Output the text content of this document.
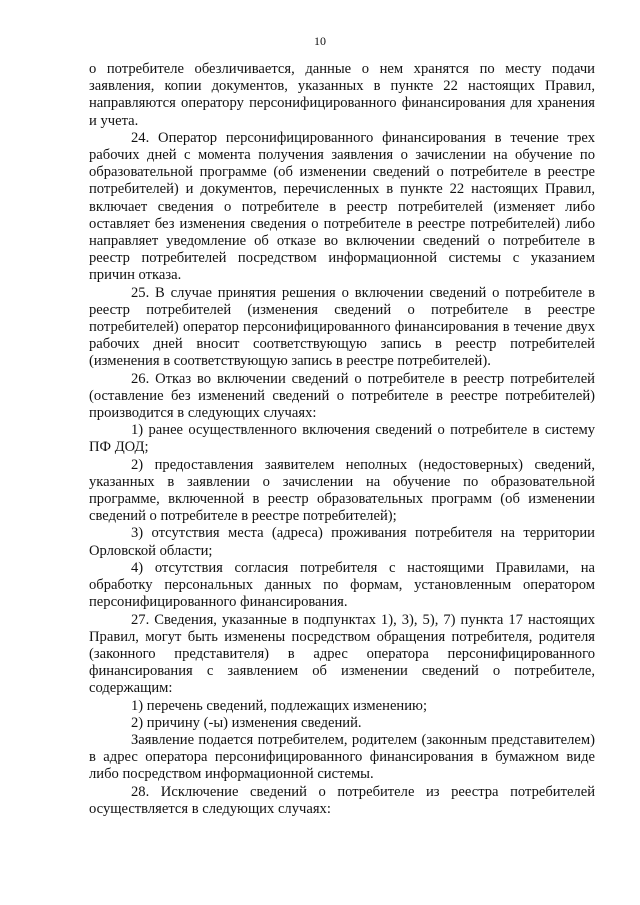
10

о потребителе обезличивается, данные о нем хранятся по месту подачи заявления, копии документов, указанных в пункте 22 настоящих Правил, направляются оператору персонифицированного финансирования для хранения и учета.

24. Оператор персонифицированного финансирования в течение трех рабочих дней с момента получения заявления о зачислении на обучение по образовательной программе (об изменении сведений о потребителе в реестре потребителей) и документов, перечисленных в пункте 22 настоящих Правил, включает сведения о потребителе в реестр потребителей (изменяет либо оставляет без изменения сведения о потребителе в реестре потребителей) либо направляет уведомление об отказе во включении сведений о потребителе в реестр потребителей посредством информационной системы с указанием причин отказа.

25. В случае принятия решения о включении сведений о потребителе в реестр потребителей (изменения сведений о потребителе в реестре потребителей) оператор персонифицированного финансирования в течение двух рабочих дней вносит соответствующую запись в реестр потребителей (изменения в соответствующую запись в реестре потребителей).

26. Отказ во включении сведений о потребителе в реестр потребителей (оставление без изменений сведений о потребителе в реестре потребителей) производится в следующих случаях:

1) ранее осуществленного включения сведений о потребителе в систему ПФ ДОД;

2) предоставления заявителем неполных (недостоверных) сведений, указанных в заявлении о зачислении на обучение по образовательной программе, включенной в реестр образовательных программ (об изменении сведений о потребителе в реестре потребителей);

3) отсутствия места (адреса) проживания потребителя на территории Орловской области;

4) отсутствия согласия потребителя с настоящими Правилами, на обработку персональных данных по формам, установленным оператором персонифицированного финансирования.

27. Сведения, указанные в подпунктах 1), 3), 5), 7) пункта 17 настоящих Правил, могут быть изменены посредством обращения потребителя, родителя (законного представителя) в адрес оператора персонифицированного финансирования с заявлением об изменении сведений о потребителе, содержащим:

1) перечень сведений, подлежащих изменению;

2) причину (-ы) изменения сведений.

Заявление подается потребителем, родителем (законным представителем) в адрес оператора персонифицированного финансирования в бумажном виде либо посредством информационной системы.

28. Исключение сведений о потребителе из реестра потребителей осуществляется в следующих случаях:
